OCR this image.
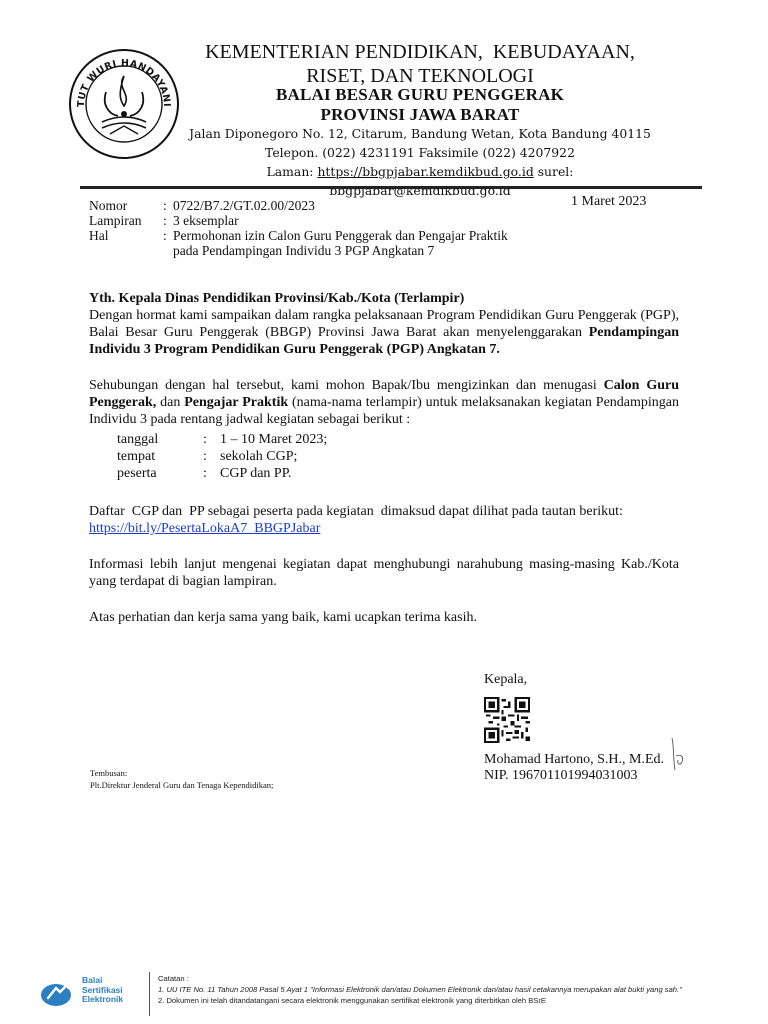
TUT WURI HANDAYANI
KEMENTERIAN PENDIDIKAN,  KEBUDAYAAN,
RISET, DAN TEKNOLOGI
BALAI BESAR GURU PENGGERAK
PROVINSI JAWA BARAT
Jalan Diponegoro No. 12, Citarum, Bandung Wetan, Kota Bandung 40115
Telepon. (022) 4231191 Faksimile (022) 4207922
Laman: https://bbgpjabar.kemdikbud.go.id surel: bbgpjabar@kemdikbud.go.id
Nomor	: 0722/B7.2/GT.02.00/2023
Lampiran	: 3 eksemplar
Hal	: Permohonan izin Calon Guru Penggerak dan Pengajar Praktik
pada Pendampingan Individu 3 PGP Angkatan 7
1 Maret 2023
Yth. Kepala Dinas Pendidikan Provinsi/Kab./Kota (Terlampir)
Dengan hormat kami sampaikan dalam rangka pelaksanaan Program Pendidikan Guru Penggerak (PGP), Balai Besar Guru Penggerak (BBGP) Provinsi Jawa Barat akan menyelenggarakan Pendampingan Individu 3 Program Pendidikan Guru Penggerak (PGP) Angkatan 7.
Sehubungan dengan hal tersebut, kami mohon Bapak/Ibu mengizinkan dan menugasi Calon Guru Penggerak, dan Pengajar Praktik (nama-nama terlampir) untuk melaksanakan kegiatan Pendampingan Individu 3 pada rentang jadwal kegiatan sebagai berikut :
tanggal	: 1 – 10 Maret 2023;
tempat	: sekolah CGP;
peserta	: CGP dan PP.
Daftar  CGP dan  PP sebagai peserta pada kegiatan  dimaksud dapat dilihat pada tautan berikut:
https://bit.ly/PesertaLokaA7_BBGPJabar
Informasi lebih lanjut mengenai kegiatan dapat menghubungi narahubung masing-masing Kab./Kota yang terdapat di bagian lampiran.
Atas perhatian dan kerja sama yang baik, kami ucapkan terima kasih.
Kepala,
Mohamad Hartono, S.H., M.Ed.
NIP. 196701101994031003
Tembusan:
Plt.Direktur Jenderal Guru dan Tenaga Kependidikan;
Balai
Sertifikasi
Elektronik
Catatan :
1. UU ITE No. 11 Tahun 2008 Pasal 5 Ayat 1 "Informasi Elektronik dan/atau Dokumen Elektronik dan/atau hasil cetakannya merupakan alat bukti yang sah."
2. Dokumen ini telah ditandatangani secara elektronik menggunakan sertifikat elektronik yang diterbitkan oleh BSrE
